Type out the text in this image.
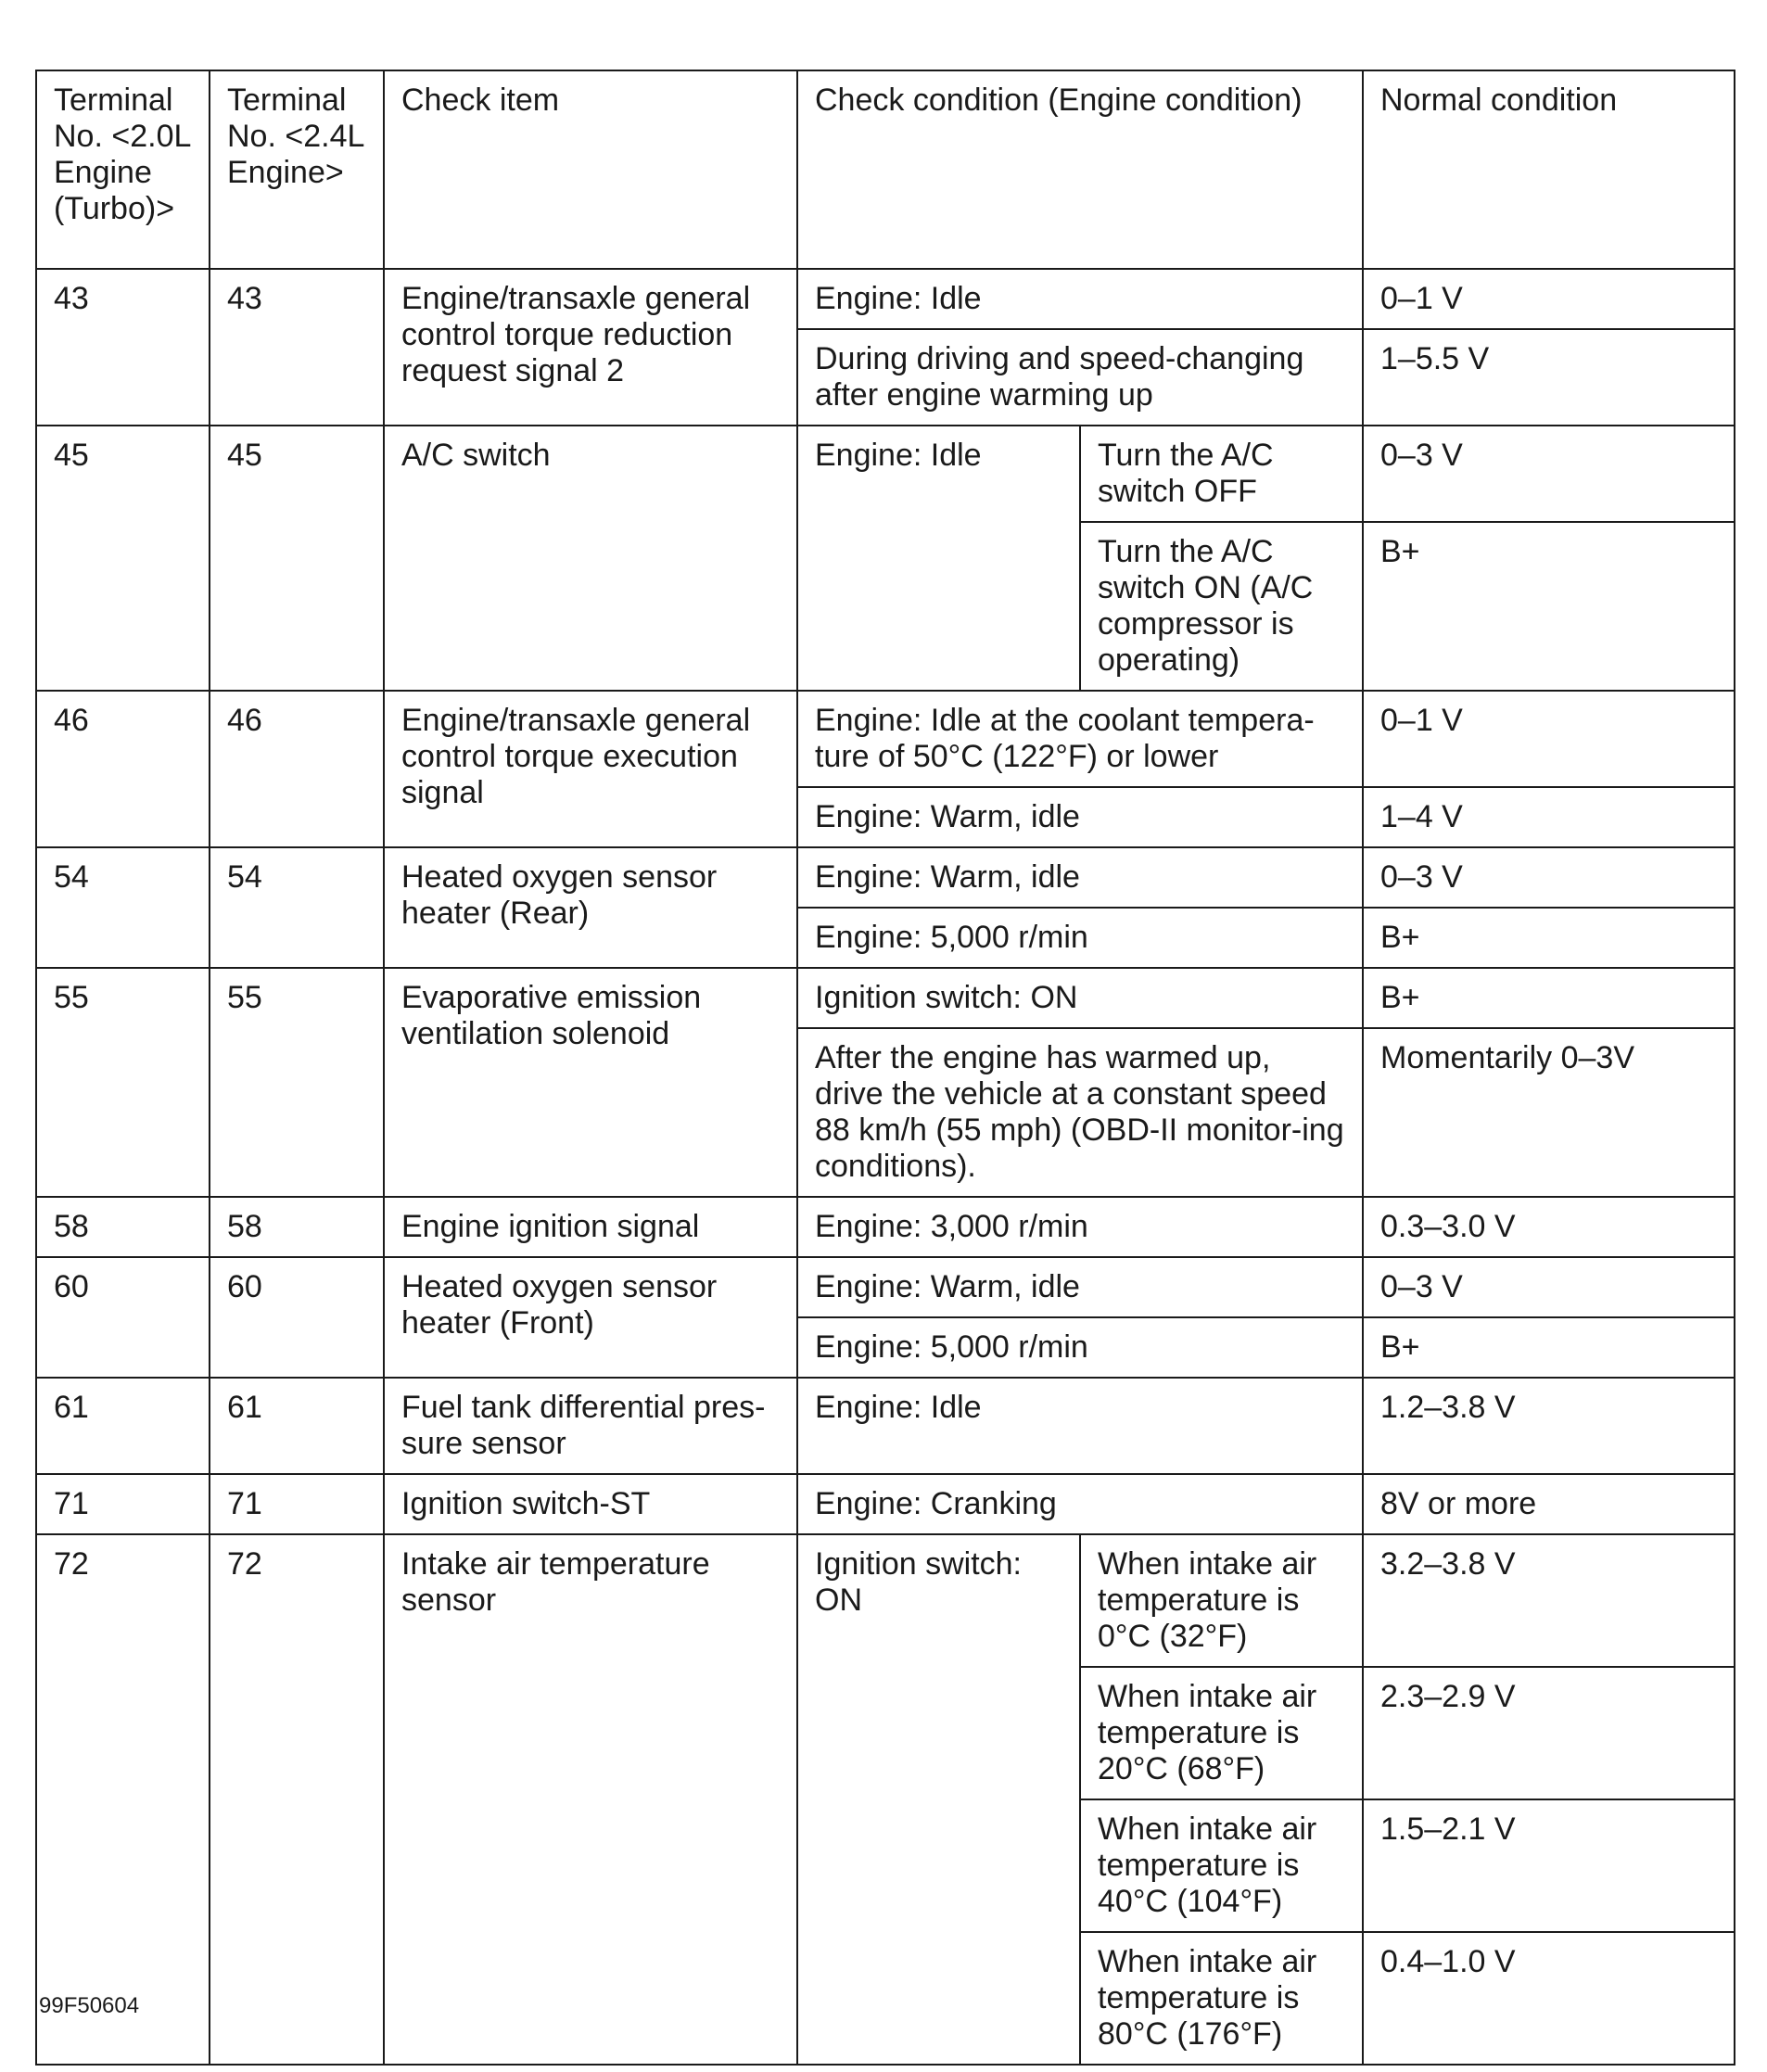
Terminal No. <2.0L Engine (Turbo)>	Terminal No. <2.4L Engine>	Check item	Check condition (Engine condition)		Normal condition
43	43	Engine/transaxle general control torque reduction request signal 2	Engine: Idle		0–1 V
			During driving and speed-changing after engine warming up		1–5.5 V
45	45	A/C switch	Engine: Idle	Turn the A/C switch OFF	0–3 V
				Turn the A/C switch ON (A/C compressor is operating)	B+
46	46	Engine/transaxle general control torque execution signal	Engine: Idle at the coolant tempera-ture of 50°C (122°F) or lower		0–1 V
			Engine: Warm, idle		1–4 V
54	54	Heated oxygen sensor heater (Rear)	Engine: Warm, idle		0–3 V
			Engine: 5,000 r/min		B+
55	55	Evaporative emission ventilation solenoid	Ignition switch: ON		B+
			After the engine has warmed up, drive the vehicle at a constant speed 88 km/h (55 mph) (OBD-II monitor-ing conditions).		Momentarily 0–3V
58	58	Engine ignition signal	Engine: 3,000 r/min		0.3–3.0 V
60	60	Heated oxygen sensor heater (Front)	Engine: Warm, idle		0–3 V
			Engine: 5,000 r/min		B+
61	61	Fuel tank differential pres-sure sensor	Engine: Idle		1.2–3.8 V
71	71	Ignition switch-ST	Engine: Cranking		8V or more
72	72	Intake air temperature sensor	Ignition switch: ON	When intake air temperature is 0°C (32°F)	3.2–3.8 V
				When intake air temperature is 20°C (68°F)	2.3–2.9 V
				When intake air temperature is 40°C (104°F)	1.5–2.1 V
				When intake air temperature is 80°C (176°F)	0.4–1.0 V
99F50604
